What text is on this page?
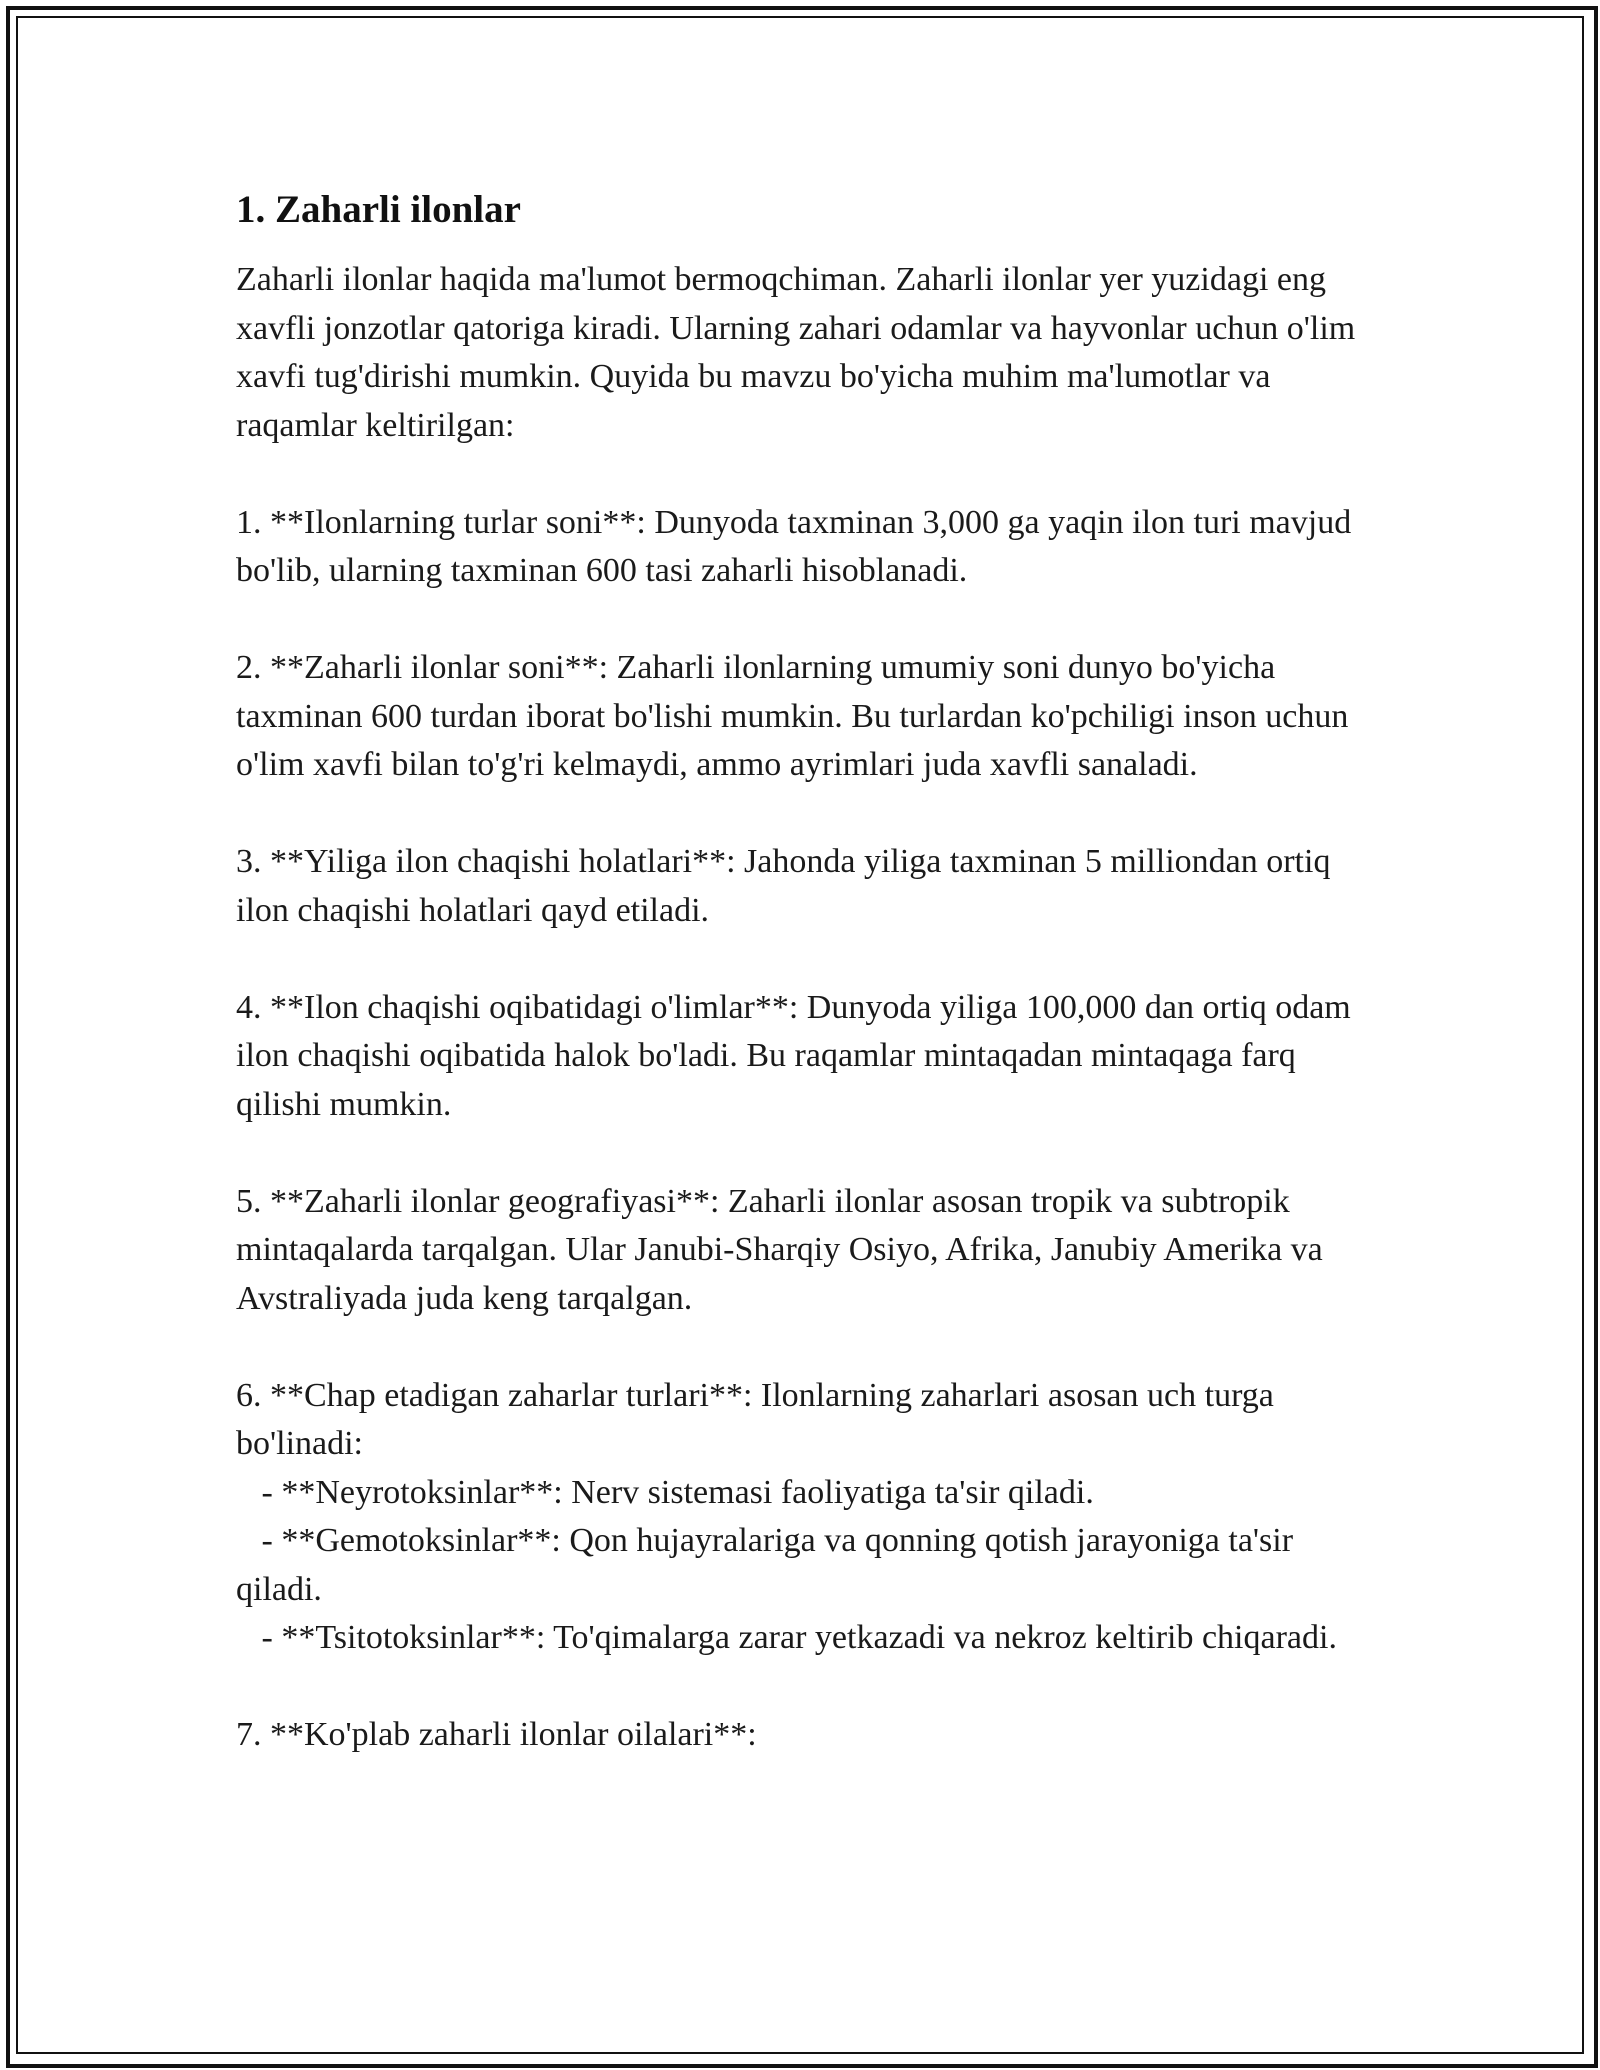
1. Zaharli ilonlar

Zaharli ilonlar haqida ma'lumot bermoqchiman. Zaharli ilonlar yer yuzidagi eng xavfli jonzotlar qatoriga kiradi. Ularning zahari odamlar va hayvonlar uchun o'lim xavfi tug'dirishi mumkin. Quyida bu mavzu bo'yicha muhim ma'lumotlar va raqamlar keltirilgan:

1. **Ilonlarning turlar soni**: Dunyoda taxminan 3,000 ga yaqin ilon turi mavjud bo'lib, ularning taxminan 600 tasi zaharli hisoblanadi.

2. **Zaharli ilonlar soni**: Zaharli ilonlarning umumiy soni dunyo bo'yicha taxminan 600 turdan iborat bo'lishi mumkin. Bu turlardan ko'pchiligi inson uchun o'lim xavfi bilan to'g'ri kelmaydi, ammo ayrimlari juda xavfli sanaladi.

3. **Yiliga ilon chaqishi holatlari**: Jahonda yiliga taxminan 5 milliondan ortiq ilon chaqishi holatlari qayd etiladi.

4. **Ilon chaqishi oqibatidagi o'limlar**: Dunyoda yiliga 100,000 dan ortiq odam ilon chaqishi oqibatida halok bo'ladi. Bu raqamlar mintaqadan mintaqaga farq qilishi mumkin.

5. **Zaharli ilonlar geografiyasi**: Zaharli ilonlar asosan tropik va subtropik mintaqalarda tarqalgan. Ular Janubi-Sharqiy Osiyo, Afrika, Janubiy Amerika va Avstraliyada juda keng tarqalgan.

6. **Chap etadigan zaharlar turlari**: Ilonlarning zaharlari asosan uch turga bo'linadi:

- **Neyrotoksinlar**: Nerv sistemasi faoliyatiga ta'sir qiladi.

- **Gemotoksinlar**: Qon hujayralariga va qonning qotish jarayoniga ta'sir qiladi.

- **Tsitotoksinlar**: To'qimalarga zarar yetkazadi va nekroz keltirib chiqaradi.

7. **Ko'plab zaharli ilonlar oilalari**:
